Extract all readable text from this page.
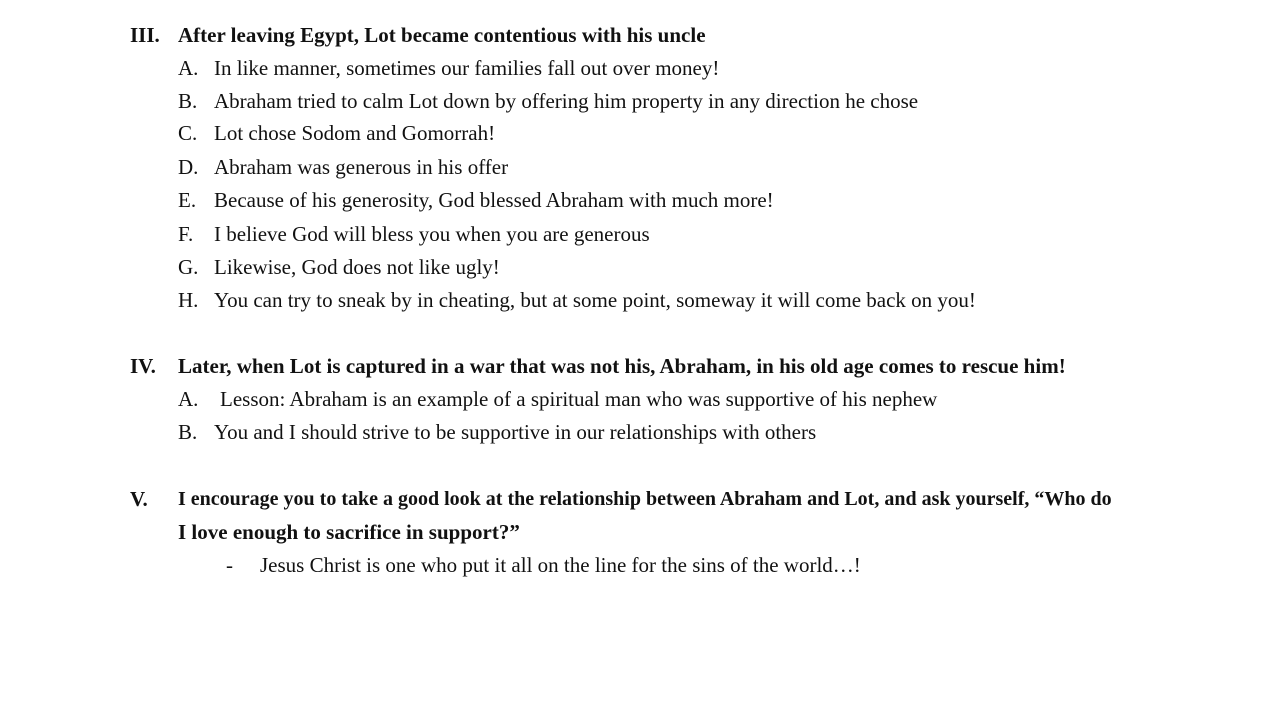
III. After leaving Egypt, Lot became contentious with his uncle
A. In like manner, sometimes our families fall out over money!
B. Abraham tried to calm Lot down by offering him property in any direction he chose
C. Lot chose Sodom and Gomorrah!
D. Abraham was generous in his offer
E. Because of his generosity, God blessed Abraham with much more!
F. I believe God will bless you when you are generous
G. Likewise, God does not like ugly!
H. You can try to sneak by in cheating, but at some point, someway it will come back on you!
IV. Later, when Lot is captured in a war that was not his, Abraham, in his old age comes to rescue him!
A. Lesson: Abraham is an example of a spiritual man who was supportive of his nephew
B. You and I should strive to be supportive in our relationships with others
V. I encourage you to take a good look at the relationship between Abraham and Lot, and ask yourself, “Who do
I love enough to sacrifice in support?”
- Jesus Christ is one who put it all on the line for the sins of the world…!
